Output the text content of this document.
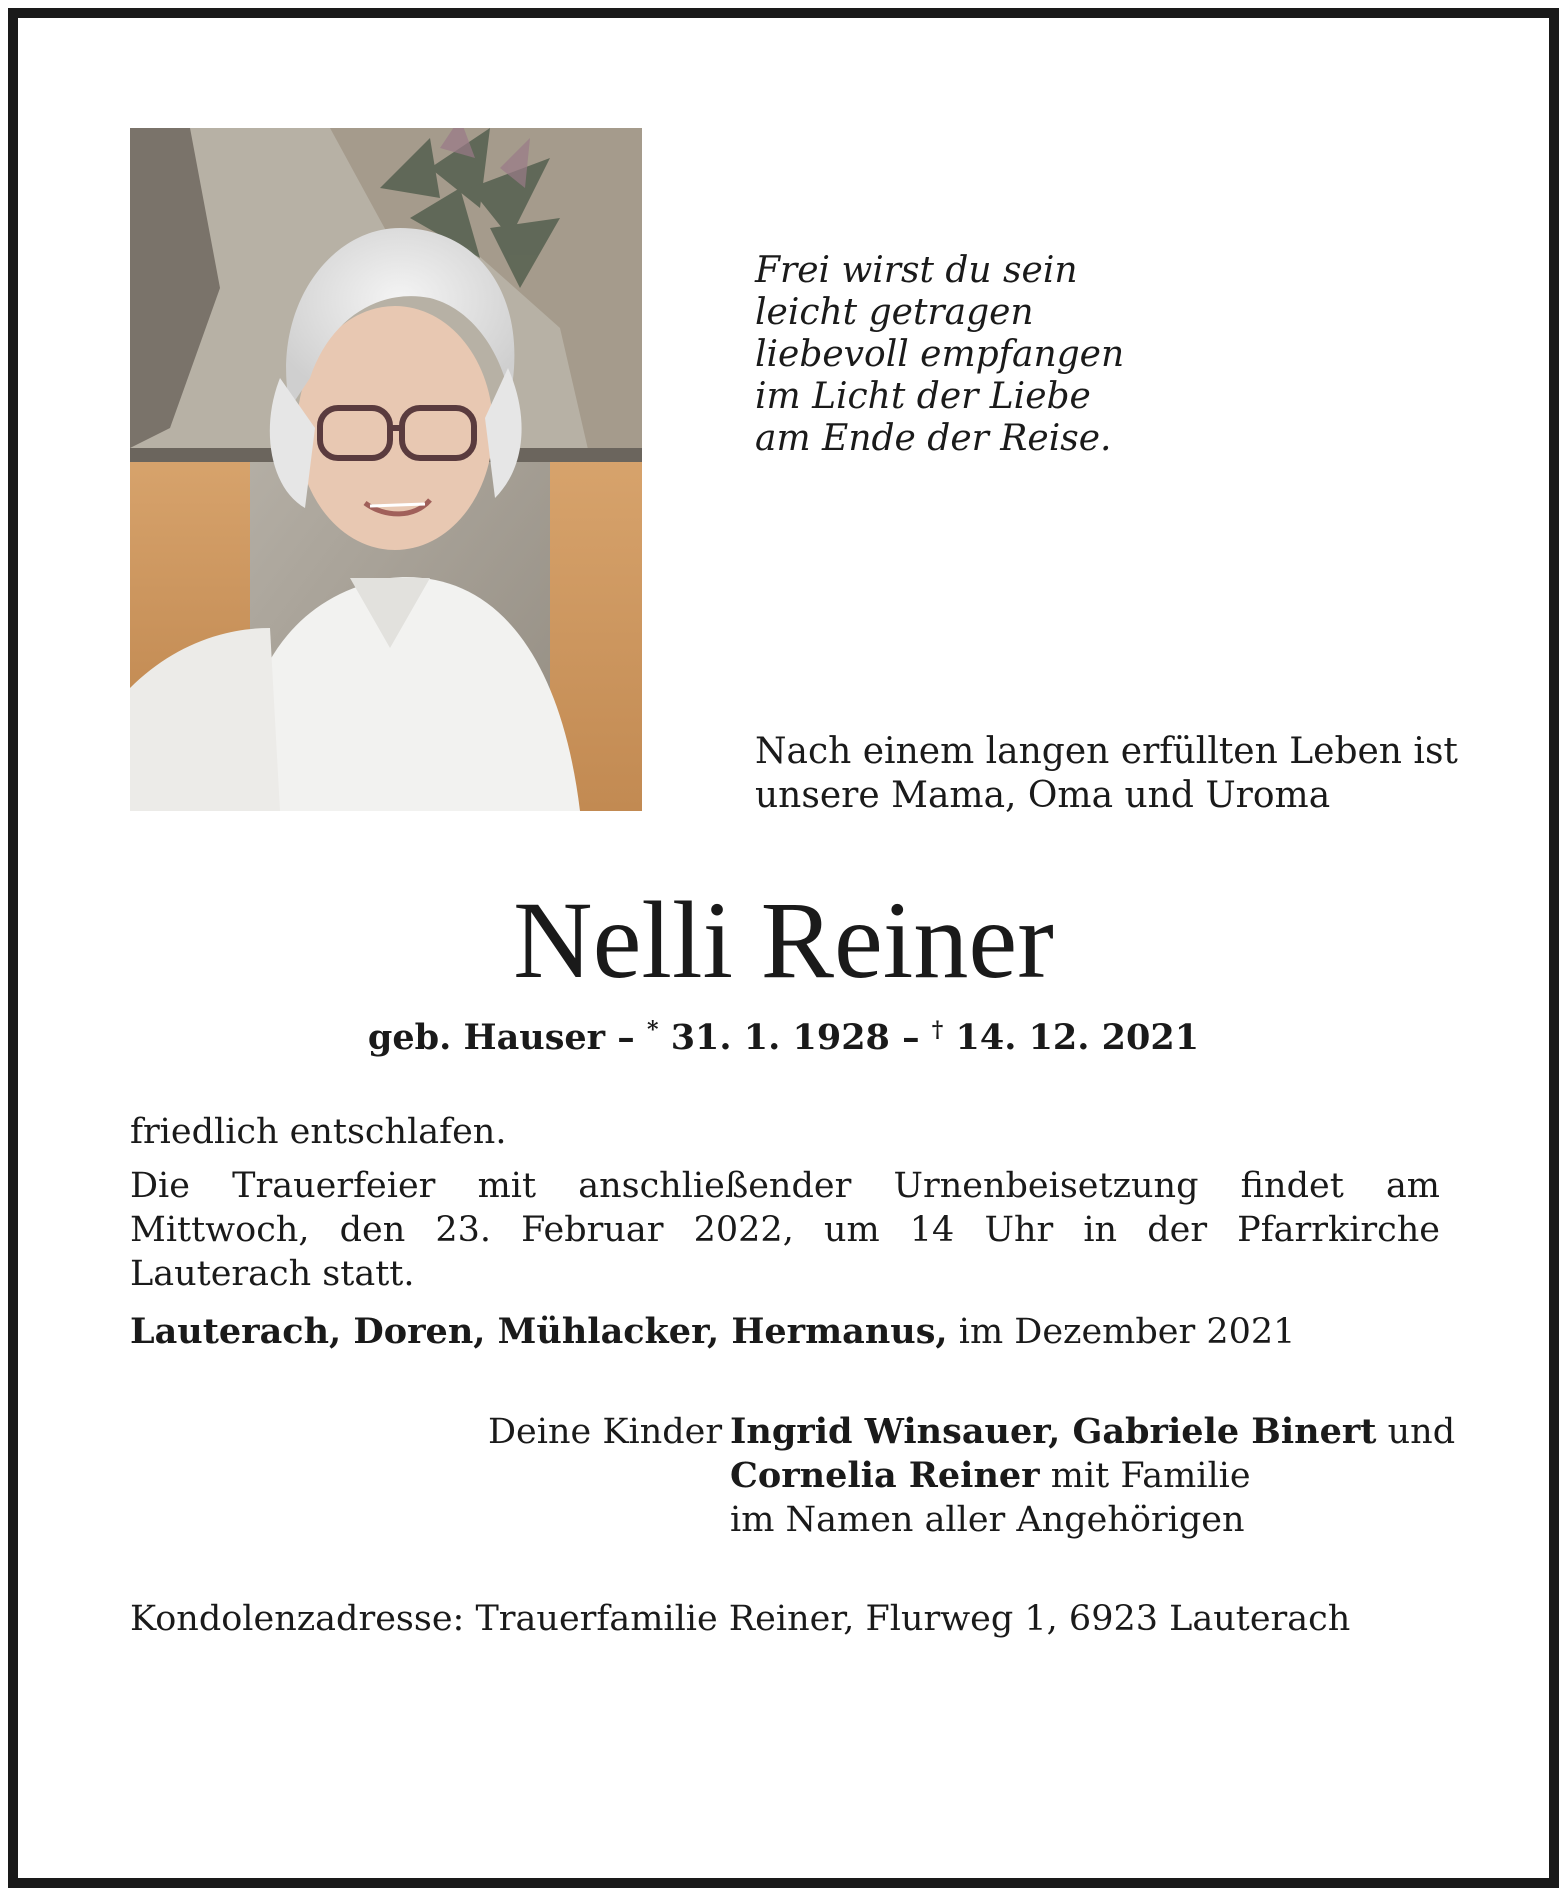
Frei wirst du sein
leicht getragen
liebevoll empfangen
im Licht der Liebe
am Ende der Reise.
Nach einem langen erfüllten Leben ist
unsere Mama, Oma und Uroma
Nelli Reiner
geb. Hauser – * 31. 1. 1928 – † 14. 12. 2021

friedlich entschlafen.

Die Trauerfeier mit anschließender Urnenbeisetzung findet am Mittwoch, den 23. Februar 2022, um 14 Uhr in der Pfarrkirche Lauterach statt.

Lauterach, Doren, Mühlacker, Hermanus, im Dezember 2021
Deine Kinder Ingrid Winsauer, Gabriele Binert und
Cornelia Reiner mit Familie
im Namen aller Angehörigen
Kondolenzadresse: Trauerfamilie Reiner, Flurweg 1, 6923 Lauterach
